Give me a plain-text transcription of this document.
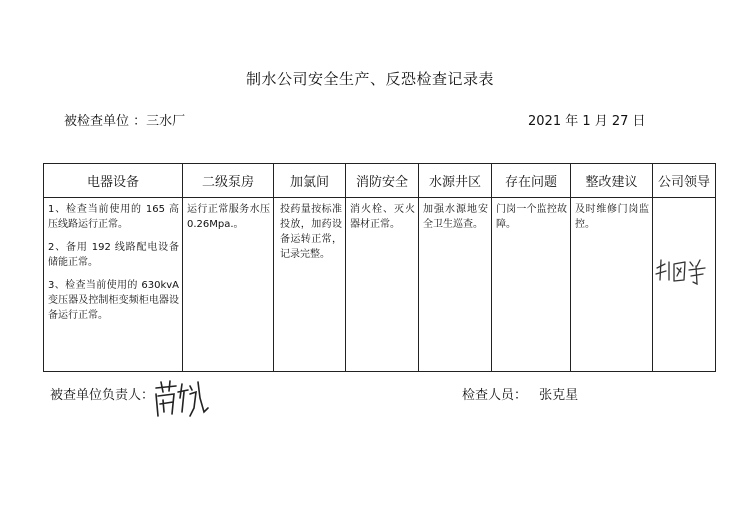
制水公司安全生产、反恐检查记录表
被检查单位 ：三水厂	2021 年 1 月 27 日
电器设备	二级泵房	加氯间	消防安全	水源井区	存在问题	整改建议	公司领导

1、检查当前使用的 165 高压线路运行正常。

2、备用 192 线路配电设备储能正常。

3、检查当前使用的 630kvA 变压器及控制柜变频柜电器设备运行正常。	运行正常服务水压 0.26Mpa.。	投药量按标准投放，加药设备运转正常，记录完整。	消火栓、灭火器材正常。	加强水源地安全卫生巡查。	门岗一个监控故障。	及时维修门岗监控。

被查单位负责人：	检查人员： 张克星
